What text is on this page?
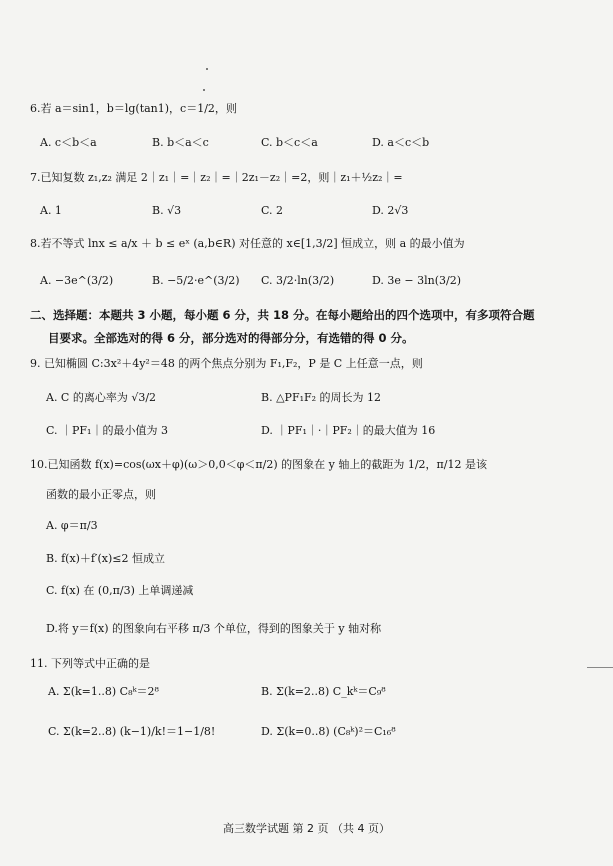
6.若 a＝sin1，b＝lg(tan1)，c＝1/2，则
A. c＜b＜a	B. b＜a＜c	C. b＜c＜a	D. a＜c＜b
7.已知复数 z₁,z₂ 满足 2｜z₁｜=｜z₂｜=｜2z₁－z₂｜=2，则｜z₁＋½z₂｜=
A. 1	B. √3	C. 2	D. 2√3
8.若不等式 lnx ≤ a/x ＋ b ≤ eˣ (a,b∈R) 对任意的 x∈[1,3/2] 恒成立，则 a 的最小值为
A. −3e^(3/2)	B. −5/2·e^(3/2) C. 3/2·ln(3/2)	D. 3e − 3ln(3/2)
二、选择题：本题共 3 小题，每小题 6 分，共 18 分。在每小题给出的四个选项中，有多项符合题
目要求。全部选对的得 6 分，部分选对的得部分分，有选错的得 0 分。
9. 已知椭圆 C:3x²＋4y²＝48 的两个焦点分别为 F₁,F₂，P 是 C 上任意一点，则
A. C 的离心率为 √3/2	B. △PF₁F₂ 的周长为 12
C. ｜PF₁｜的最小值为 3	D. ｜PF₁｜·｜PF₂｜的最大值为 16
10.已知函数 f(x)=cos(ωx＋φ)(ω＞0,0＜φ＜π/2) 的图象在 y 轴上的截距为 1/2，π/12 是该
函数的最小正零点，则
A. φ＝π/3
B. f(x)＋f′(x)≤2 恒成立
C. f(x) 在 (0,π/3) 上单调递减
D.将 y＝f(x) 的图象向右平移 π/3 个单位，得到的图象关于 y 轴对称
11. 下列等式中正确的是
A. Σ(k=1..8) C₈ᵏ＝2⁸	B. Σ(k=2..8) C_kᵏ＝C₉⁸
C. Σ(k=2..8) (k−1)/k!＝1−1/8!	D. Σ(k=0..8) (C₈ᵏ)²＝C₁₆⁸
高三数学试题 第 2 页 （共 4 页）
